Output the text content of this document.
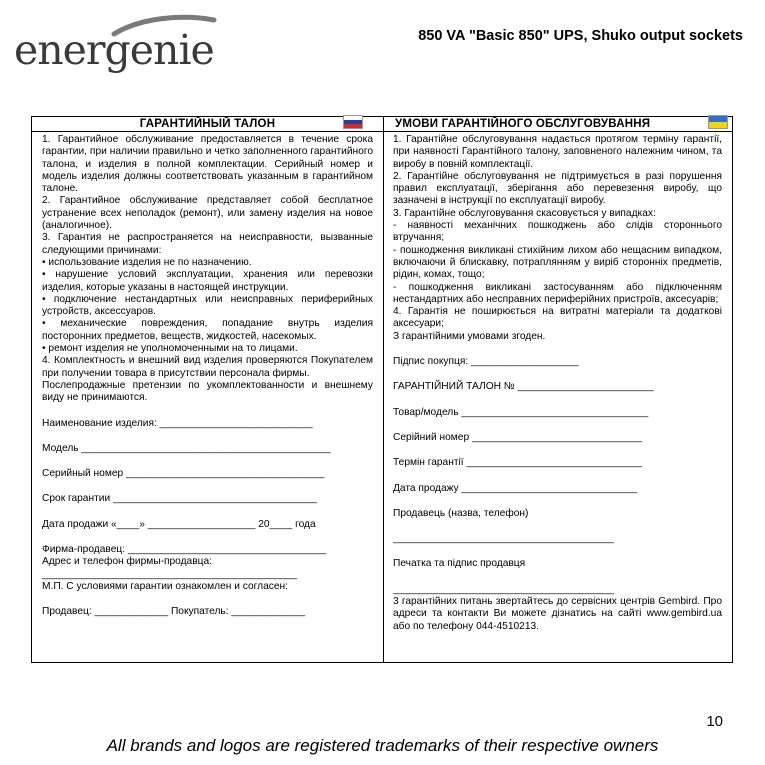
energenie	850 VA "Basic 850" UPS, Shuko output sockets
ГАРАНТИЙНЫЙ ТАЛОН

1. Гарантийное обслуживание предоставляется в течение срока гарантии, при наличии правильно и четко заполненного гарантийного талона, и изделия в полной комплектации. Серийный номер и модель изделия должны соответствовать указанным в гарантийном талоне.

2. Гарантийное обслуживание представляет собой бесплатное устранение всех неполадок (ремонт), или замену изделия на новое (аналогичное).

3. Гарантия не распространяется на неисправности, вызванные следующими причинами:

• использование изделия не по назначению.

• нарушение условий эксплуатации, хранения или перевозки изделия, которые указаны в настоящей инструкции.

• подключение нестандартных или неисправных периферийных устройств, аксессуаров.

• механические повреждения, попадание внутрь изделия посторонних предметов, веществ, жидкостей, насекомых.

• ремонт изделия не уполномоченными на то лицами.

4. Комплектность и внешний вид изделия проверяются Покупателем при получении товара в присутствии персонала фирмы.

Послепродажные претензии по укомплектованности и внешнему виду не принимаются.

Наименование изделия: ___________________________

Модель ____________________________________________

Серийный номер ___________________________________

Срок гарантии ____________________________________

Дата продажи «____» ___________________ 20____ года

Фирма-продавец: ___________________________________

Адрес и телефон фирмы-продавца:

_____________________________________________

М.П. С условиями гарантии ознакомлен и согласен:

Продавец: _____________ Покупатель: _____________

УМОВИ ГАРАНТІЙНОГО ОБСЛУГОВУВАННЯ

1. Гарантійне обслуговування надається протягом терміну гарантії, при наявності Гарантійного талону, заповненого належним чином, та виробу в повній комплектації.

2. Гарантійне обслуговування не підтримується в разі порушення правил експлуатації, зберігання або перевезення виробу, що зазначені в інструкції по експлуатації виробу.

3. Гарантійне обслуговування скасовується у випадках:

- наявності механічних пошкоджень або слідів стороннього втручання;

- пошкодження викликані стихійним лихом або нещасним випадком, включаючи й блискавку, потраплянням у виріб сторонніх предметів, рідин, комах, тощо;

- пошкодження викликані застосуванням або підключенням нестандартних або несправних периферійних пристроїв, аксесуарів;

4. Гарантія не поширюється на витратні матеріали та додаткові аксесуари;

З гарантійними умовами згоден.

Підпис покупця: ___________________

ГАРАНТІЙНИЙ ТАЛОН № ________________________

Товар/модель _________________________________

Серійний номер ______________________________

Термін гарантії _______________________________

Дата продажу _______________________________

Продавець (назва, телефон)

_______________________________________

Печатка та підпис продавця

_______________________________________

3 гарантійних питань звертайтесь до сервісних центрів Gembird. Про адреси та контакти Ви можете дізнатись на сайті www.gembird.ua або по телефону 044-4510213.

10
All brands and logos are registered trademarks of their respective owners
